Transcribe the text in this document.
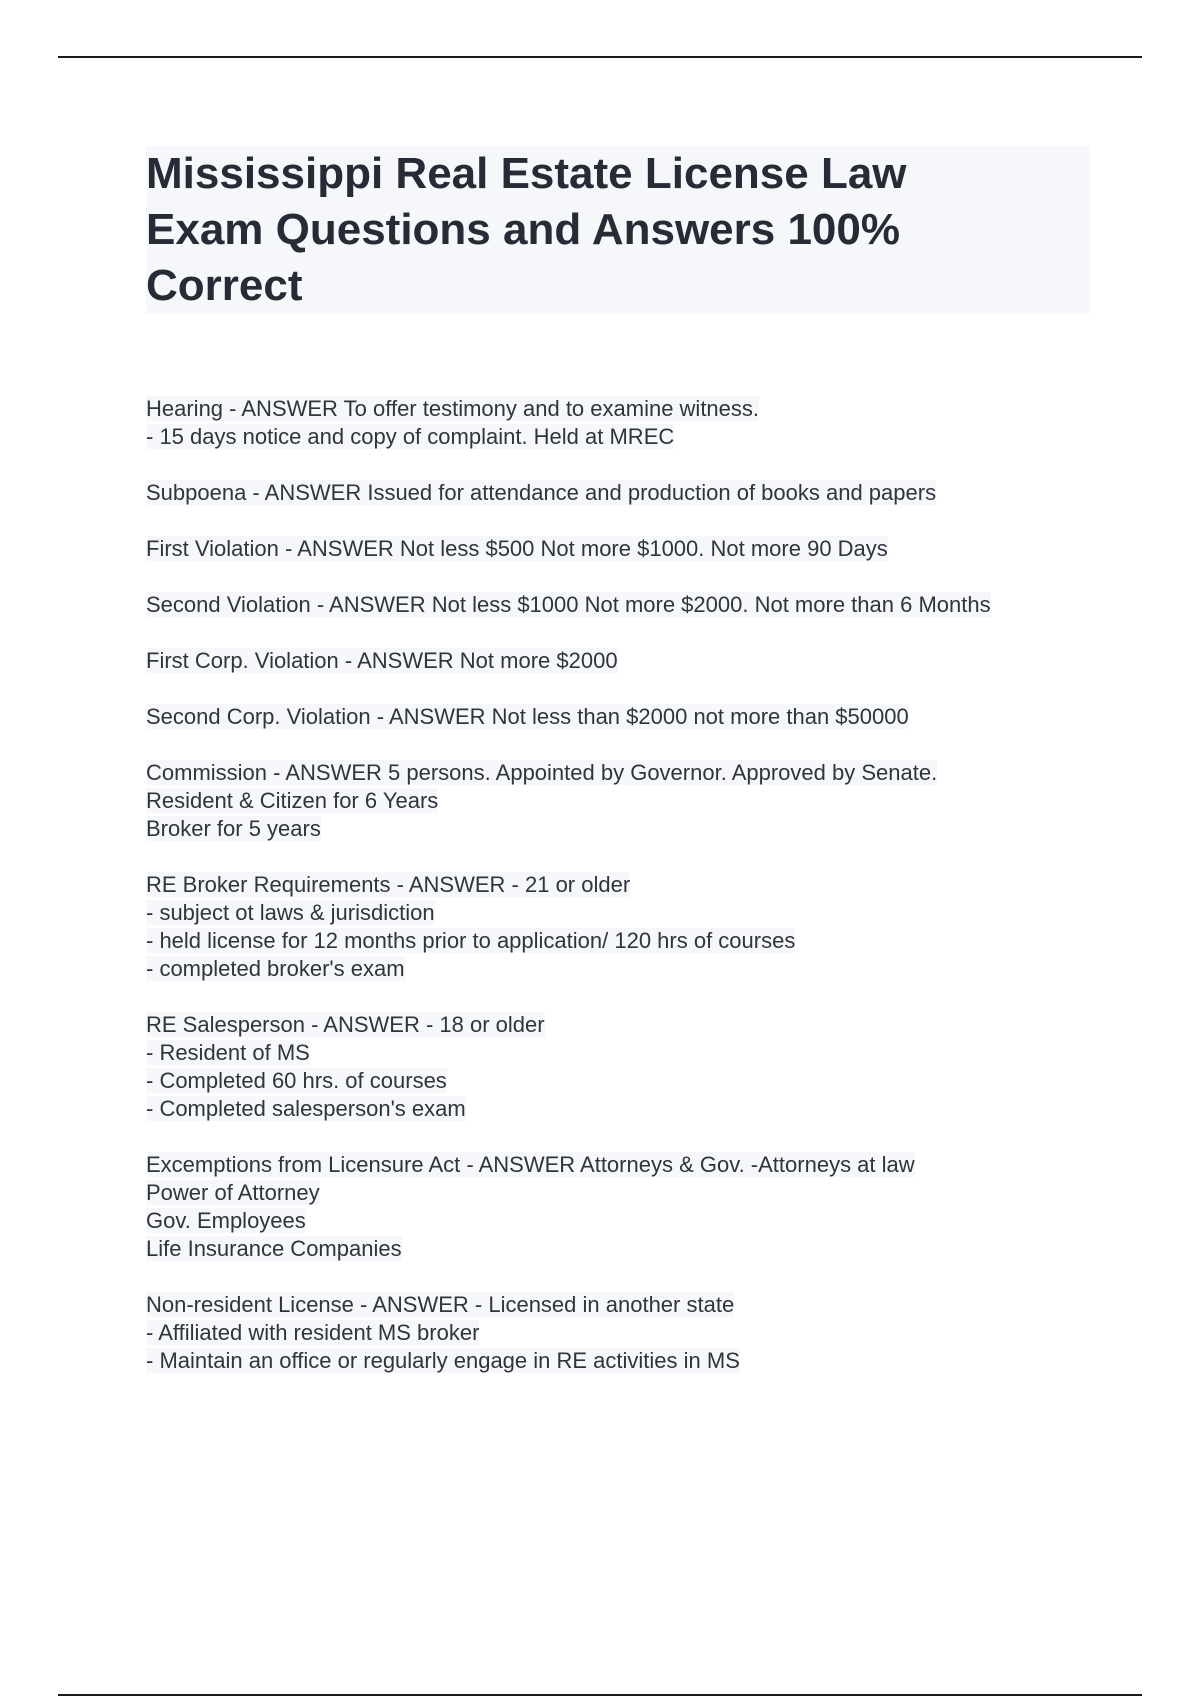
Mississippi Real Estate License Law
Exam Questions and Answers 100%
Correct
Hearing - ANSWER To offer testimony and to examine witness.
- 15 days notice and copy of complaint. Held at MREC
Subpoena - ANSWER Issued for attendance and production of books and papers
First Violation - ANSWER Not less $500 Not more $1000. Not more 90 Days
Second Violation - ANSWER Not less $1000 Not more $2000. Not more than 6 Months
First Corp. Violation - ANSWER Not more $2000
Second Corp. Violation - ANSWER Not less than $2000 not more than $50000
Commission - ANSWER 5 persons. Appointed by Governor. Approved by Senate.
Resident & Citizen for 6 Years
Broker for 5 years
RE Broker Requirements - ANSWER - 21 or older
- subject ot laws & jurisdiction
- held license for 12 months prior to application/ 120 hrs of courses
- completed broker's exam
RE Salesperson - ANSWER - 18 or older
- Resident of MS
- Completed 60 hrs. of courses
- Completed salesperson's exam
Excemptions from Licensure Act - ANSWER Attorneys & Gov. -Attorneys at law
Power of Attorney
Gov. Employees
Life Insurance Companies
Non-resident License - ANSWER - Licensed in another state
- Affiliated with resident MS broker
- Maintain an office or regularly engage in RE activities in MS
